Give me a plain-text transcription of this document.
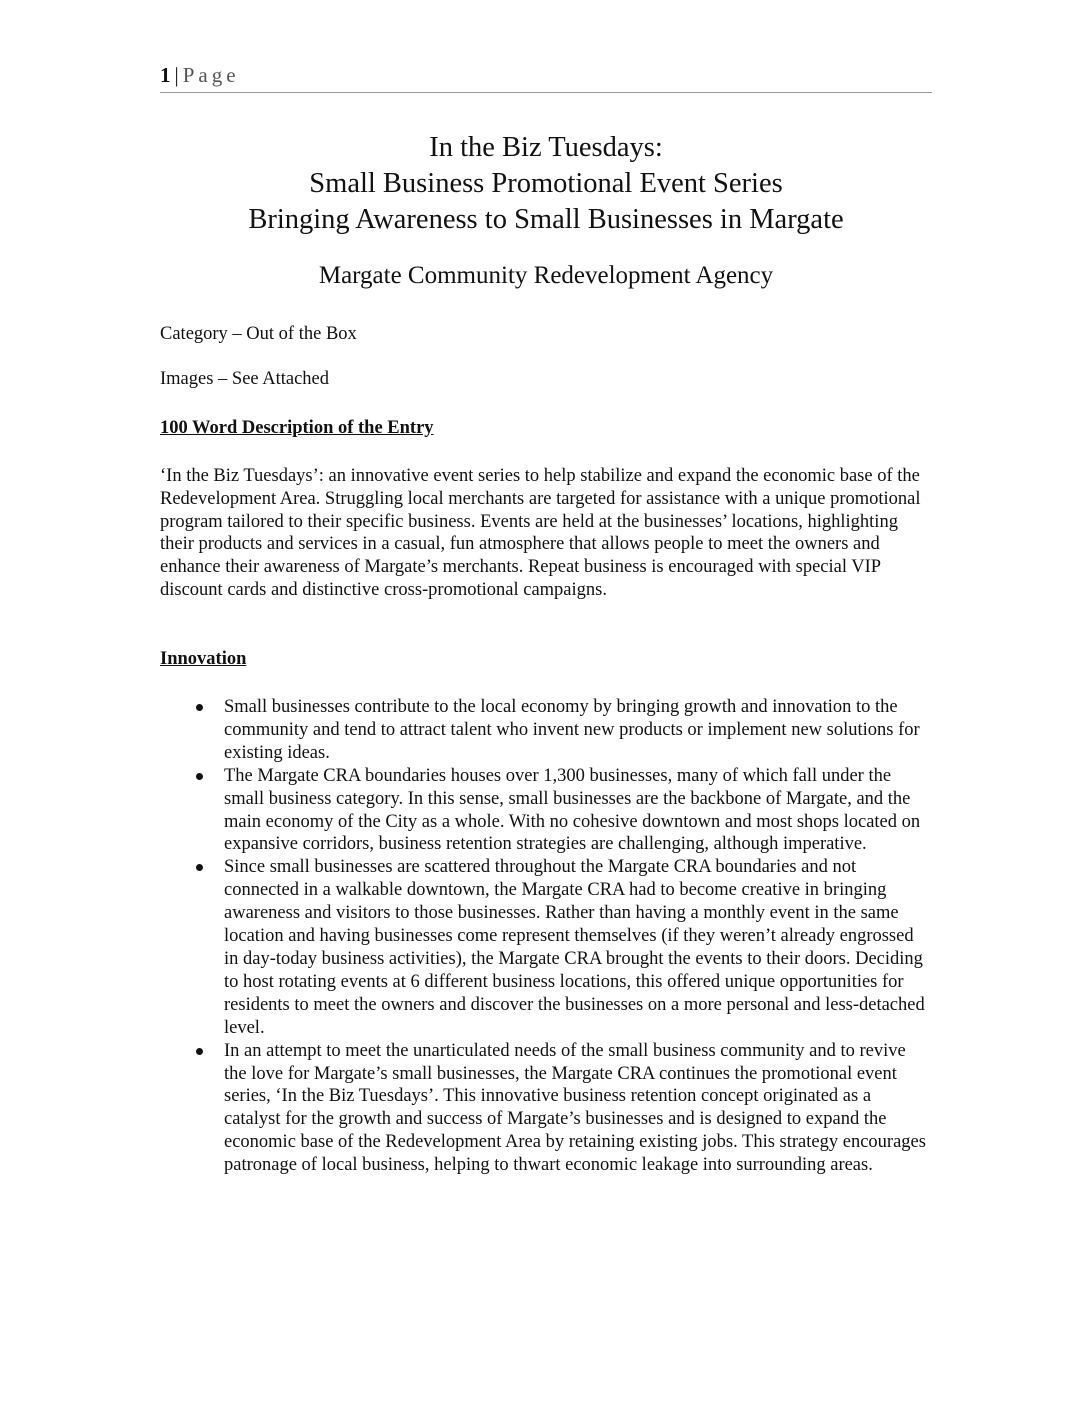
1 | Page
In the Biz Tuesdays:
Small Business Promotional Event Series
Bringing Awareness to Small Businesses in Margate
Margate Community Redevelopment Agency
Category – Out of the Box
Images – See Attached
100 Word Description of the Entry

‘In the Biz Tuesdays’: an innovative event series to help stabilize and expand the economic base of the Redevelopment Area. Struggling local merchants are targeted for assistance with a unique promotional program tailored to their specific business. Events are held at the businesses’ locations, highlighting their products and services in a casual, fun atmosphere that allows people to meet the owners and enhance their awareness of Margate’s merchants. Repeat business is encouraged with special VIP discount cards and distinctive cross-promotional campaigns.

Innovation
Small businesses contribute to the local economy by bringing growth and innovation to the community and tend to attract talent who invent new products or implement new solutions for existing ideas.
The Margate CRA boundaries houses over 1,300 businesses, many of which fall under the small business category. In this sense, small businesses are the backbone of Margate, and the main economy of the City as a whole. With no cohesive downtown and most shops located on expansive corridors, business retention strategies are challenging, although imperative.
Since small businesses are scattered throughout the Margate CRA boundaries and not connected in a walkable downtown, the Margate CRA had to become creative in bringing awareness and visitors to those businesses. Rather than having a monthly event in the same location and having businesses come represent themselves (if they weren’t already engrossed in day-today business activities), the Margate CRA brought the events to their doors. Deciding to host rotating events at 6 different business locations, this offered unique opportunities for residents to meet the owners and discover the businesses on a more personal and less-detached level.
In an attempt to meet the unarticulated needs of the small business community and to revive the love for Margate’s small businesses, the Margate CRA continues the promotional event series, ‘In the Biz Tuesdays’. This innovative business retention concept originated as a catalyst for the growth and success of Margate’s businesses and is designed to expand the economic base of the Redevelopment Area by retaining existing jobs. This strategy encourages patronage of local business, helping to thwart economic leakage into surrounding areas.
